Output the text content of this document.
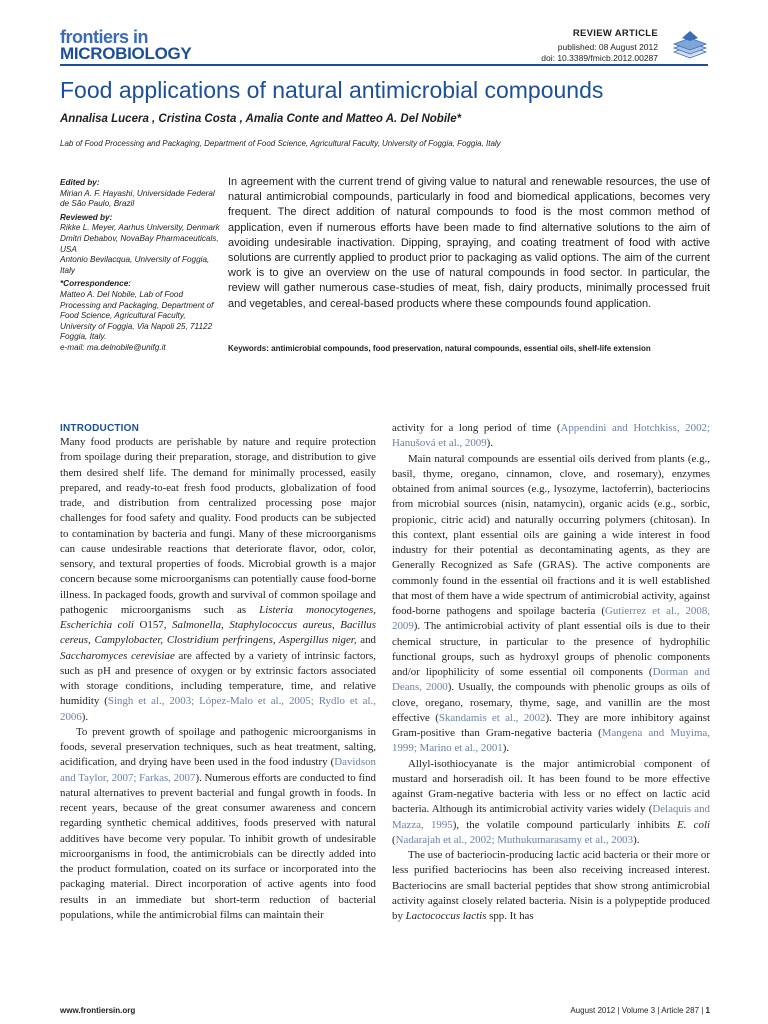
frontiers in
MICROBIOLOGY
REVIEW ARTICLE
published: 08 August 2012
doi: 10.3389/fmicb.2012.00287
Food applications of natural antimicrobial compounds
Annalisa Lucera , Cristina Costa , Amalia Conte and Matteo A. Del Nobile*
Lab of Food Processing and Packaging, Department of Food Science, Agricultural Faculty, University of Foggia, Foggia, Italy
Edited by:
Mirian A. F. Hayashi, Universidade Federal de São Paulo, Brazil
Reviewed by:
Rikke L. Meyer, Aarhus University, Denmark
Dmitri Debabov, NovaBay Pharmaceuticals, USA
Antonio Bevilacqua, University of Foggia, Italy
*Correspondence:
Matteo A. Del Nobile, Lab of Food Processing and Packaging, Department of Food Science, Agricultural Faculty, University of Foggia, Via Napoli 25, 71122 Foggia, Italy.
e-mail: ma.delnobile@unifg.it
In agreement with the current trend of giving value to natural and renewable resources, the use of natural antimicrobial compounds, particularly in food and biomedical applications, becomes very frequent. The direct addition of natural compounds to food is the most common method of application, even if numerous efforts have been made to find alternative solutions to the aim of avoiding undesirable inactivation. Dipping, spraying, and coating treatment of food with active solutions are currently applied to product prior to packaging as valid options. The aim of the current work is to give an overview on the use of natural compounds in food sector. In particular, the review will gather numerous case-studies of meat, fish, dairy products, minimally processed fruit and vegetables, and cereal-based products where these compounds found application.
Keywords: antimicrobial compounds, food preservation, natural compounds, essential oils, shelf-life extension
INTRODUCTION

Many food products are perishable by nature and require protection from spoilage during their preparation, storage, and distribution to give them desired shelf life. The demand for minimally processed, easily prepared, and ready-to-eat fresh food products, globalization of food trade, and distribution from centralized processing pose major challenges for food safety and quality. Food products can be subjected to contamination by bacteria and fungi. Many of these microorganisms can cause undesirable reactions that deteriorate flavor, odor, color, sensory, and textural properties of foods. Microbial growth is a major concern because some microorganisms can potentially cause food-borne illness. In packaged foods, growth and survival of common spoilage and pathogenic microorganisms such as Listeria monocytogenes, Escherichia coli O157, Salmonella, Staphylococcus aureus, Bacillus cereus, Campylobacter, Clostridium perfringens, Aspergillus niger, and Saccharomyces cerevisiae are affected by a variety of intrinsic factors, such as pH and presence of oxygen or by extrinsic factors associated with storage conditions, including temperature, time, and relative humidity (Singh et al., 2003; López-Malo et al., 2005; Rydlo et al., 2006).

To prevent growth of spoilage and pathogenic microorganisms in foods, several preservation techniques, such as heat treatment, salting, acidification, and drying have been used in the food industry (Davidson and Taylor, 2007; Farkas, 2007). Numerous efforts are conducted to find natural alternatives to prevent bacterial and fungal growth in foods. In recent years, because of the great consumer awareness and concern regarding synthetic chemical additives, foods preserved with natural additives have become very popular. To inhibit growth of undesirable microorganisms in food, the antimicrobials can be directly added into the product formulation, coated on its surface or incorporated into the packaging material. Direct incorporation of active agents into food results in an immediate but short-term reduction of bacterial populations, while the antimicrobial films can maintain their

activity for a long period of time (Appendini and Hotchkiss, 2002; Hanušová et al., 2009).

Main natural compounds are essential oils derived from plants (e.g., basil, thyme, oregano, cinnamon, clove, and rosemary), enzymes obtained from animal sources (e.g., lysozyme, lactoferrin), bacteriocins from microbial sources (nisin, natamycin), organic acids (e.g., sorbic, propionic, citric acid) and naturally occurring polymers (chitosan). In this context, plant essential oils are gaining a wide interest in food industry for their potential as decontaminating agents, as they are Generally Recognized as Safe (GRAS). The active components are commonly found in the essential oil fractions and it is well established that most of them have a wide spectrum of antimicrobial activity, against food-borne pathogens and spoilage bacteria (Gutierrez et al., 2008, 2009). The antimicrobial activity of plant essential oils is due to their chemical structure, in particular to the presence of hydrophilic functional groups, such as hydroxyl groups of phenolic components and/or lipophilicity of some essential oil components (Dorman and Deans, 2000). Usually, the compounds with phenolic groups as oils of clove, oregano, rosemary, thyme, sage, and vanillin are the most effective (Skandamis et al., 2002). They are more inhibitory against Gram-positive than Gram-negative bacteria (Mangena and Muyima, 1999; Marino et al., 2001).

Allyl-isothiocyanate is the major antimicrobial component of mustard and horseradish oil. It has been found to be more effective against Gram-negative bacteria with less or no effect on lactic acid bacteria. Although its antimicrobial activity varies widely (Delaquis and Mazza, 1995), the volatile compound particularly inhibits E. coli (Nadarajah et al., 2002; Muthukumarasamy et al., 2003).

The use of bacteriocin-producing lactic acid bacteria or their more or less purified bacteriocins has been also receiving increased interest. Bacteriocins are small bacterial peptides that show strong antimicrobial activity against closely related bacteria. Nisin is a polypeptide produced by Lactococcus lactis spp. It has

www.frontiersin.org	August 2012 | Volume 3 | Article 287 | 1
